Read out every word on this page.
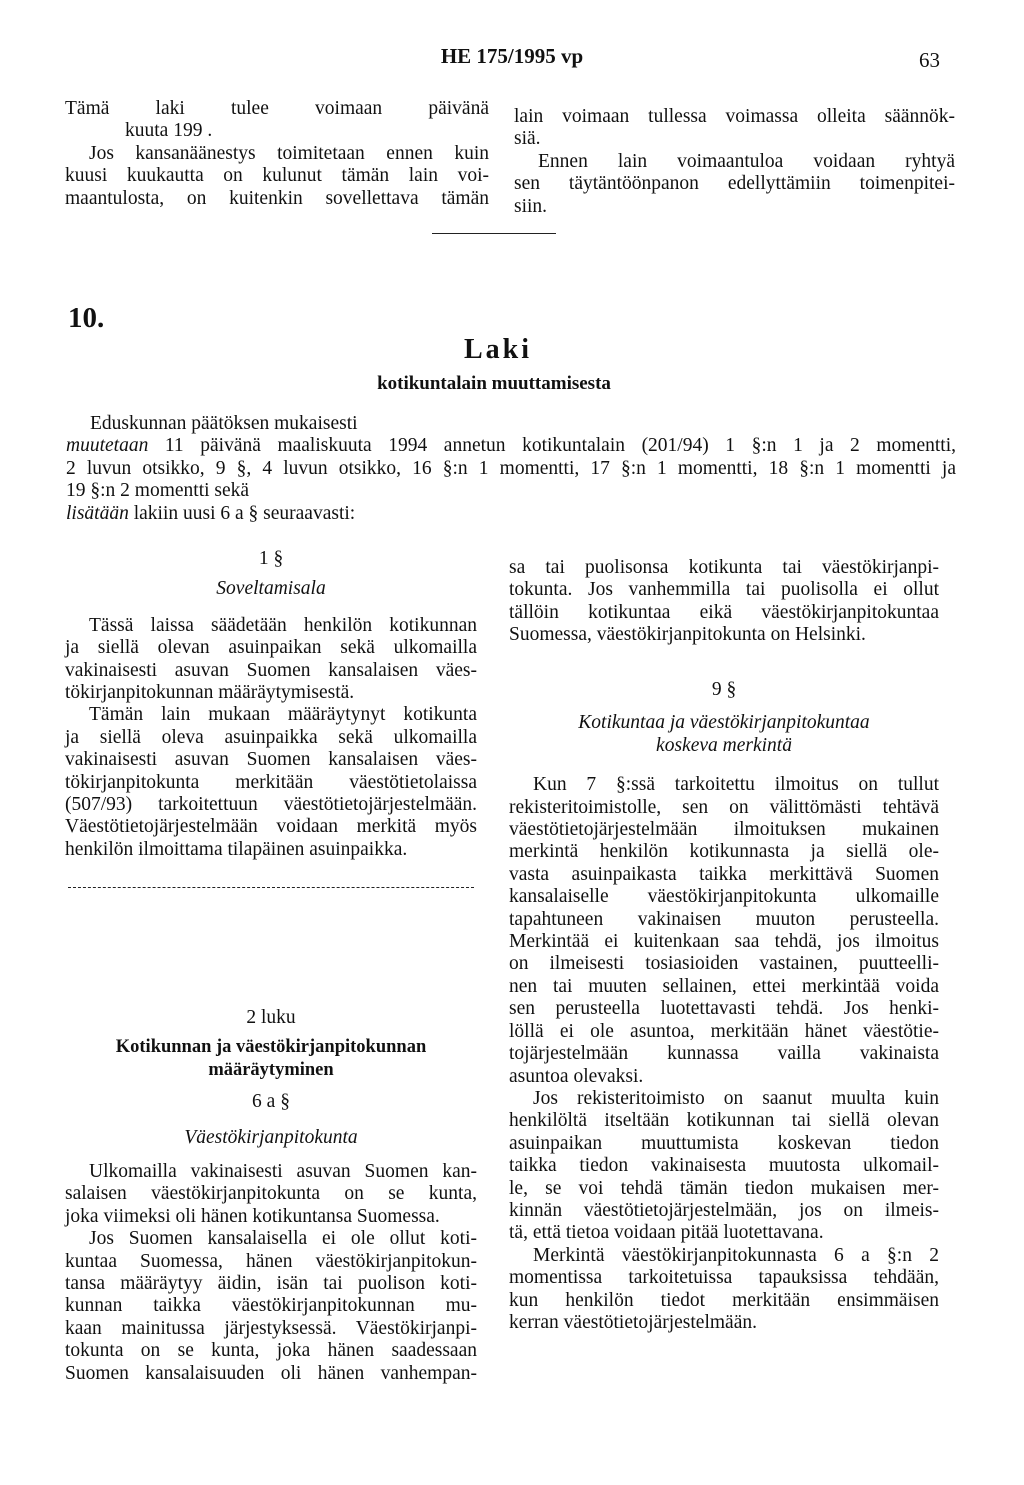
HE 175/1995 vp	63
Tämä laki tulee voimaan päivänä
kuuta 199 .
Jos kansanäänestys toimitetaan ennen kuin
kuusi kuukautta on kulunut tämän lain voi-
maantulosta, on kuitenkin sovellettava tämän
lain voimaan tullessa voimassa olleita säännök-
siä.
Ennen lain voimaantuloa voidaan ryhtyä
sen täytäntöönpanon edellyttämiin toimenpitei-
siin.
10.
Laki
kotikuntalain muuttamisesta
Eduskunnan päätöksen mukaisesti
muutetaan 11 päivänä maaliskuuta 1994 annetun kotikuntalain (201/94) 1 §:n 1 ja 2 momentti,
2 luvun otsikko, 9 §, 4 luvun otsikko, 16 §:n 1 momentti, 17 §:n 1 momentti, 18 §:n 1 momentti ja
19 §:n 2 momentti sekä
lisätään lakiin uusi 6 a § seuraavasti:
1 §
Soveltamisala
Tässä laissa säädetään henkilön kotikunnan
ja siellä olevan asuinpaikan sekä ulkomailla
vakinaisesti asuvan Suomen kansalaisen väes-
tökirjanpitokunnan määräytymisestä.
Tämän lain mukaan määräytynyt kotikunta
ja siellä oleva asuinpaikka sekä ulkomailla
vakinaisesti asuvan Suomen kansalaisen väes-
tökirjanpitokunta merkitään väestötietolaissa
(507/93) tarkoitettuun väestötietojärjestelmään.
Väestötietojärjestelmään voidaan merkitä myös
henkilön ilmoittama tilapäinen asuinpaikka.
2 luku
Kotikunnan ja väestökirjanpitokunnan
määräytyminen
6 a §
Väestökirjanpitokunta
Ulkomailla vakinaisesti asuvan Suomen kan-
salaisen väestökirjanpitokunta on se kunta,
joka viimeksi oli hänen kotikuntansa Suomessa.
Jos Suomen kansalaisella ei ole ollut koti-
kuntaa Suomessa, hänen väestökirjanpitokun-
tansa määräytyy äidin, isän tai puolison koti-
kunnan taikka väestökirjanpitokunnan mu-
kaan mainitussa järjestyksessä. Väestökirjanpi-
tokunta on se kunta, joka hänen saadessaan
Suomen kansalaisuuden oli hänen vanhempan-
sa tai puolisonsa kotikunta tai väestökirjanpi-
tokunta. Jos vanhemmilla tai puolisolla ei ollut
tällöin kotikuntaa eikä väestökirjanpitokuntaa
Suomessa, väestökirjanpitokunta on Helsinki.
9 §
Kotikuntaa ja väestökirjanpitokuntaa
koskeva merkintä
Kun 7 §:ssä tarkoitettu ilmoitus on tullut
rekisteritoimistolle, sen on välittömästi tehtävä
väestötietojärjestelmään ilmoituksen mukainen
merkintä henkilön kotikunnasta ja siellä ole-
vasta asuinpaikasta taikka merkittävä Suomen
kansalaiselle väestökirjanpitokunta ulkomaille
tapahtuneen vakinaisen muuton perusteella.
Merkintää ei kuitenkaan saa tehdä, jos ilmoitus
on ilmeisesti tosiasioiden vastainen, puutteelli-
nen tai muuten sellainen, ettei merkintää voida
sen perusteella luotettavasti tehdä. Jos henki-
löllä ei ole asuntoa, merkitään hänet väestötie-
tojärjestelmään kunnassa vailla vakinaista
asuntoa olevaksi.
Jos rekisteritoimisto on saanut muulta kuin
henkilöltä itseltään kotikunnan tai siellä olevan
asuinpaikan muuttumista koskevan tiedon
taikka tiedon vakinaisesta muutosta ulkomail-
le, se voi tehdä tämän tiedon mukaisen mer-
kinnän väestötietojärjestelmään, jos on ilmeis-
tä, että tietoa voidaan pitää luotettavana.
Merkintä väestökirjanpitokunnasta 6 a §:n 2
momentissa tarkoitetuissa tapauksissa tehdään,
kun henkilön tiedot merkitään ensimmäisen
kerran väestötietojärjestelmään.
